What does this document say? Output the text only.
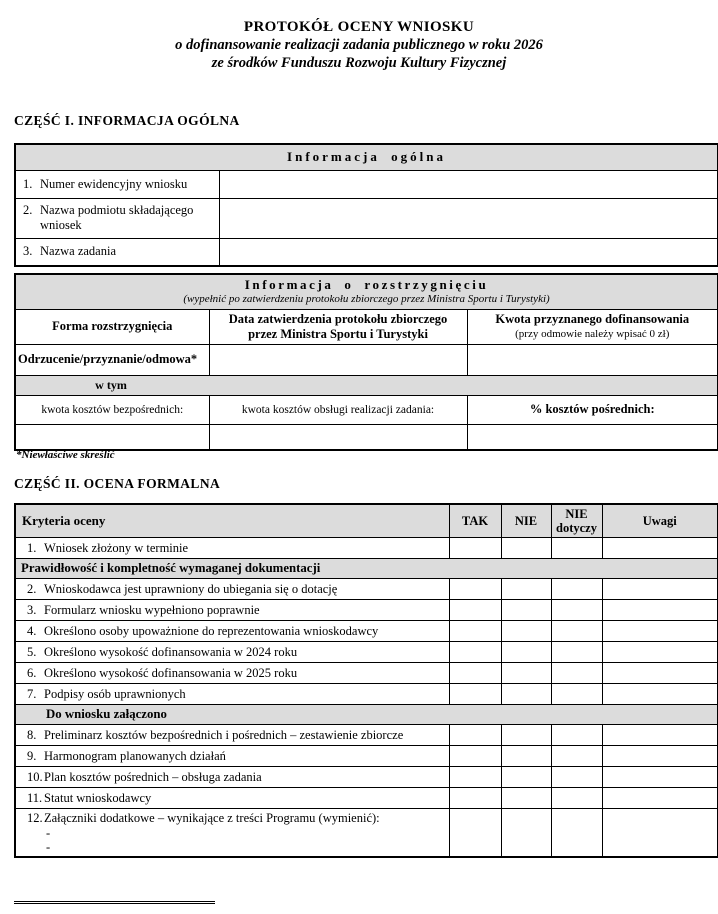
PROTOKÓŁ OCENY WNIOSKU
o dofinansowanie realizacji zadania publicznego w roku 2026
ze środków Funduszu Rozwoju Kultury Fizycznej
CZĘŚĆ I. INFORMACJA OGÓLNA
Informacja ogólna	

1. Numer ewidencyjny wniosku	

2. Nazwa podmiotu składającego wniosek	

3. Nazwa zadania	

Informacja o rozstrzygnięciu
(wypełnić po zatwierdzeniu protokołu zbiorczego przez Ministra Sportu i Turystyki)		

Forma rozstrzygnięcia	Data zatwierdzenia protokołu zbiorczego przez Ministra Sportu i Turystyki	Kwota przyznanego dofinansowania
(przy odmowie należy wpisać 0 zł)

Odrzucenie/przyznanie/odmowa*		

w tym		

kwota kosztów bezpośrednich:	kwota kosztów obsługi realizacji zadania:	% kosztów pośrednich:

*Niewłaściwe skreślić
CZĘŚĆ II. OCENA FORMALNA
Kryteria oceny	TAK	NIE	NIE dotyczy	Uwagi

1. Wniosek złożony w terminie				

Prawidłowość i kompletność wymaganej dokumentacji				

2. Wnioskodawca jest uprawniony do ubiegania się o dotację				

3. Formularz wniosku wypełniono poprawnie				

4. Określono osoby upoważnione do reprezentowania wnioskodawcy				

5. Określono wysokość dofinansowania w 2024 roku				

6. Określono wysokość dofinansowania w 2025 roku				

7. Podpisy osób uprawnionych				

Do wniosku załączono				

8. Preliminarz kosztów bezpośrednich i pośrednich – zestawienie zbiorcze				

9. Harmonogram planowanych działań				

10. Plan kosztów pośrednich – obsługa zadania				

11. Statut wnioskodawcy				

12. Załączniki dodatkowe – wynikające z treści Programu (wymienić):
-
-				
